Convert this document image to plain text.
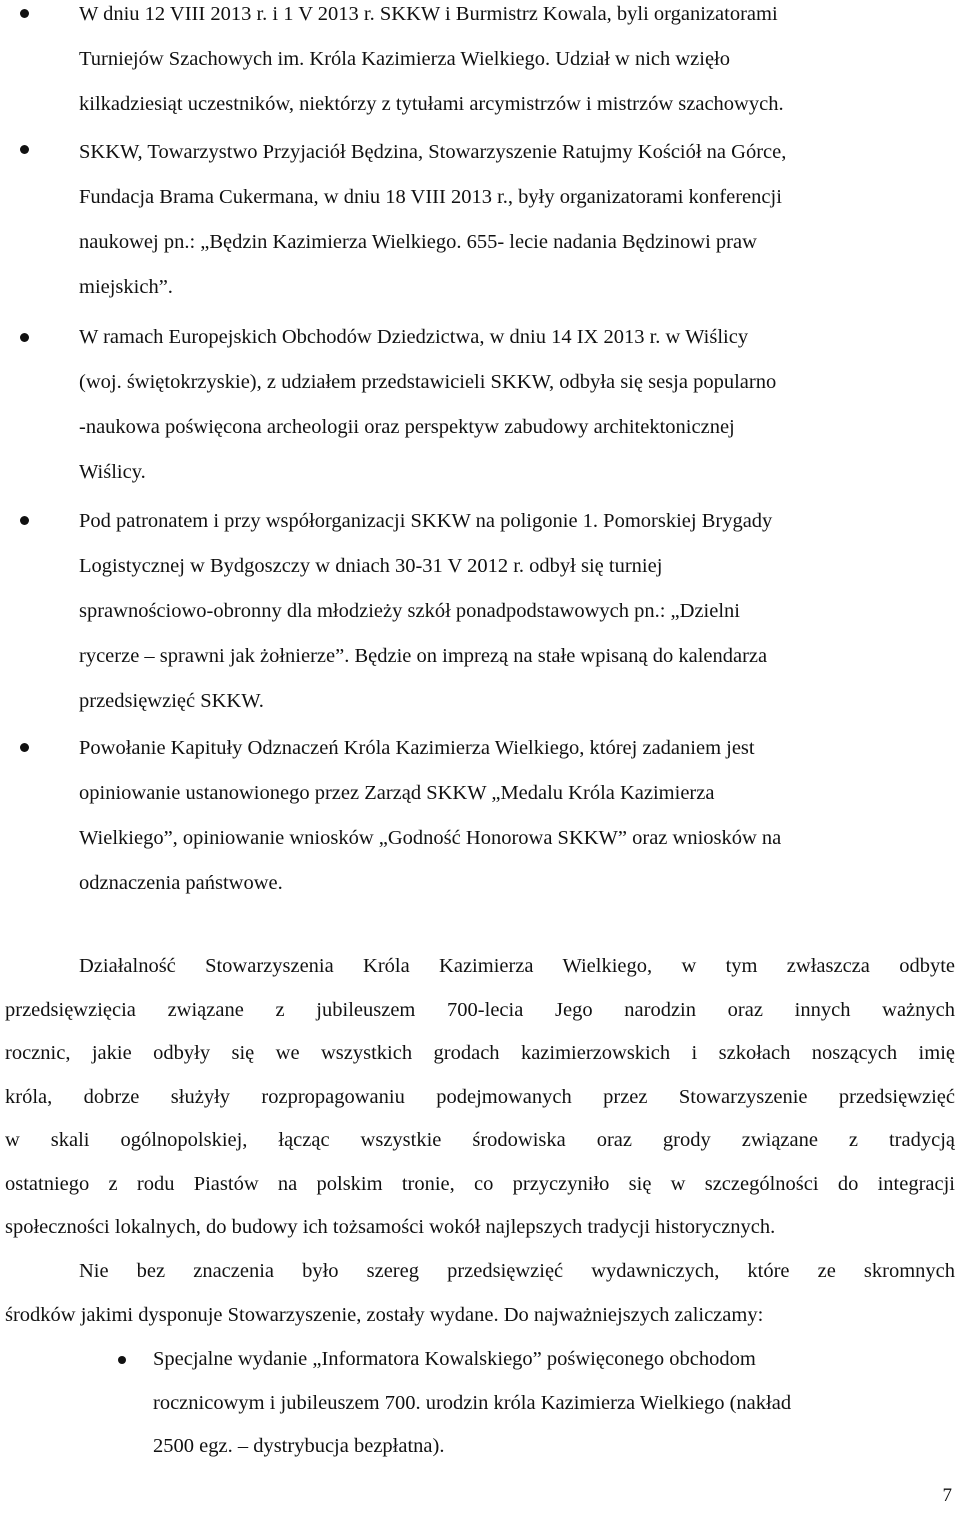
W dniu 12 VIII 2013 r. i 1 V 2013 r. SKKW i Burmistrz Kowala, byli organizatorami
Turniejów Szachowych im. Króla Kazimierza Wielkiego. Udział w nich wzięło
kilkadziesiąt uczestników, niektórzy z tytułami arcymistrzów i mistrzów szachowych.
SKKW, Towarzystwo Przyjaciół Będzina, Stowarzyszenie Ratujmy Kościół na Górce,
Fundacja Brama Cukermana, w dniu 18 VIII 2013 r., były organizatorami konferencji
naukowej pn.: „Będzin Kazimierza Wielkiego. 655- lecie nadania Będzinowi praw
miejskich”.
W ramach Europejskich Obchodów Dziedzictwa, w dniu 14 IX 2013 r. w Wiślicy
(woj. świętokrzyskie), z udziałem przedstawicieli SKKW, odbyła się sesja popularno
-naukowa poświęcona archeologii oraz perspektyw zabudowy architektonicznej
Wiślicy.
Pod patronatem i przy współorganizacji SKKW na poligonie 1. Pomorskiej Brygady
Logistycznej w Bydgoszczy w dniach 30-31 V 2012 r. odbył się turniej
sprawnościowo-obronny dla młodzieży szkół ponadpodstawowych pn.: „Dzielni
rycerze – sprawni jak żołnierze”. Będzie on imprezą na stałe wpisaną do kalendarza
przedsięwzięć SKKW.
Powołanie Kapituły Odznaczeń Króla Kazimierza Wielkiego, której zadaniem jest
opiniowanie ustanowionego przez Zarząd SKKW „Medalu Króla Kazimierza
Wielkiego”, opiniowanie wniosków „Godność Honorowa SKKW” oraz wniosków na
odznaczenia państwowe.
Działalność Stowarzyszenia Króla Kazimierza Wielkiego, w tym zwłaszcza odbyte
przedsięwzięcia związane z jubileuszem 700-lecia Jego narodzin oraz innych ważnych
rocznic, jakie odbyły się we wszystkich grodach kazimierzowskich i szkołach noszących imię
króla, dobrze służyły rozpropagowaniu podejmowanych przez Stowarzyszenie przedsięwzięć
w skali ogólnopolskiej, łącząc wszystkie środowiska oraz grody związane z tradycją
ostatniego z rodu Piastów na polskim tronie, co przyczyniło się w szczególności do integracji
społeczności lokalnych, do budowy ich tożsamości wokół najlepszych tradycji historycznych.
Nie bez znaczenia było szereg przedsięwzięć wydawniczych, które ze skromnych
środków jakimi dysponuje Stowarzyszenie, zostały wydane. Do najważniejszych zaliczamy:
Specjalne wydanie „Informatora Kowalskiego” poświęconego obchodom
rocznicowym i jubileuszem 700. urodzin króla Kazimierza Wielkiego (nakład
2500 egz. – dystrybucja bezpłatna).
7
